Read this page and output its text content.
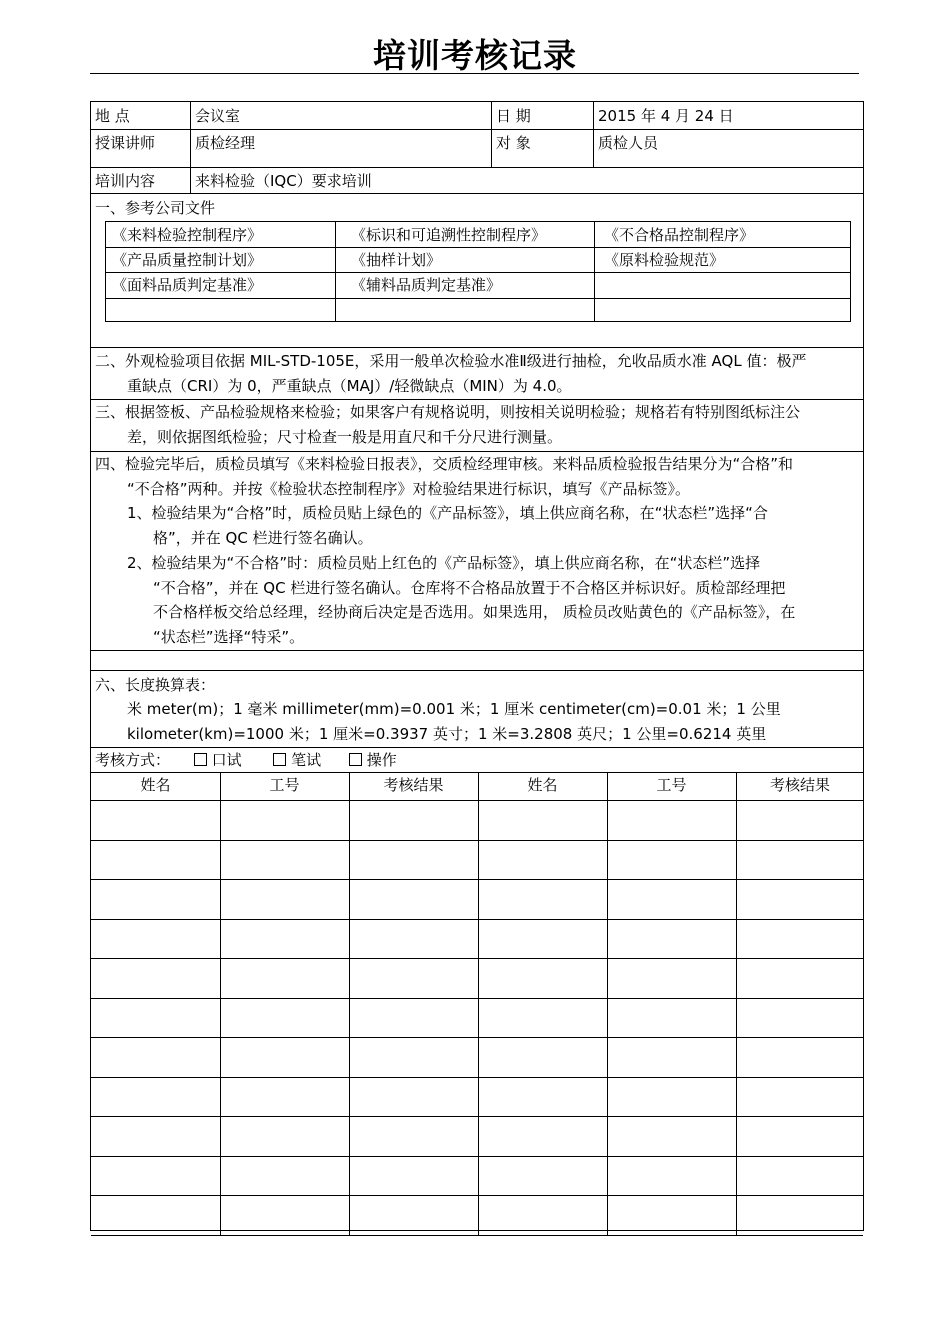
培训考核记录
地 点	会议室	日 期	2015 年 4 月 24 日
授课讲师	质检经理	对 象	质检人员
培训内容	来料检验（IQC）要求培训
一、参考公司文件
《来料检验控制程序》	《标识和可追溯性控制程序》	《不合格品控制程序》
《产品质量控制计划》	《抽样计划》	《原料检验规范》
《面料品质判定基准》	《辅料品质判定基准》
二、外观检验项目依据 MIL-STD-105E，采用一般单次检验水准Ⅱ级进行抽检，允收品质水准 AQL 值：极严
重缺点（CRI）为 0，严重缺点（MAJ）/轻微缺点（MIN）为 4.0。
三、根据签板、产品检验规格来检验；如果客户有规格说明，则按相关说明检验；规格若有特别图纸标注公
差，则依据图纸检验；尺寸检查一般是用直尺和千分尺进行测量。
四、检验完毕后，质检员填写《来料检验日报表》，交质检经理审核。来料品质检验报告结果分为“合格”和
“不合格”两种。并按《检验状态控制程序》对检验结果进行标识，填写《产品标签》。
1、检验结果为“合格”时，质检员贴上绿色的《产品标签》，填上供应商名称，在“状态栏”选择“合
格”，并在 QC 栏进行签名确认。
2、检验结果为“不合格”时：质检员贴上红色的《产品标签》，填上供应商名称，在“状态栏”选择
“不合格”，并在 QC 栏进行签名确认。仓库将不合格品放置于不合格区并标识好。质检部经理把
不合格样板交给总经理，经协商后决定是否选用。如果选用， 质检员改贴黄色的《产品标签》，在
“状态栏”选择“特采”。
六、长度换算表：
米 meter(m)；1 毫米 millimeter(mm)=0.001 米；1 厘米 centimeter(cm)=0.01 米；1 公里
kilometer(km)=1000 米；1 厘米=0.3937 英寸；1 米=3.2808 英尺；1 公里=0.6214 英里
考核方式：	口试	笔试	操作
姓名	工号	考核结果	姓名	工号	考核结果
